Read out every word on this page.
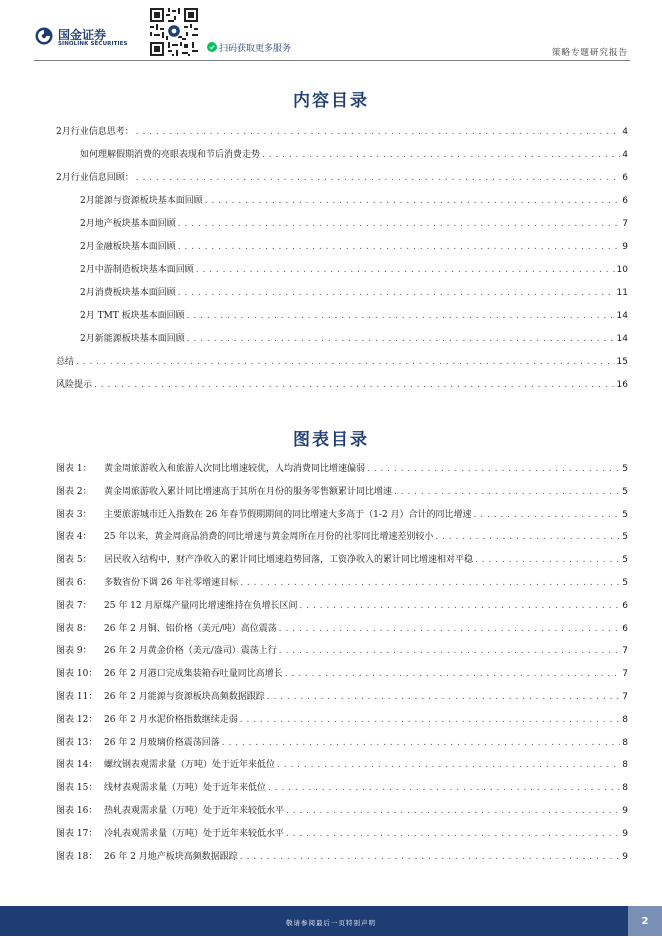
国金证券
SINOLINK SECURITIES	扫码获取更多服务	策略专题研究报告
内容目录
2月行业信息思考： . . .	4
如何理解假期消费的亮眼表现和节后消费走势 . . .	4
2月行业信息回顾： . . .	6
2月能源与资源板块基本面回顾 . . .	6
2月地产板块基本面回顾 . . .	7
2月金融板块基本面回顾 . . .	9
2月中游制造板块基本面回顾 . . .	10
2月消费板块基本面回顾 . . .	11
2月 TMT 板块基本面回顾 . . .	14
2月新能源板块基本面回顾 . . .	14
总结 . . .	15
风险提示 . . .	16
图表目录
图表 1：	黄金周旅游收入和旅游人次同比增速较优，人均消费同比增速偏弱 . . .	5
图表 2：	黄金周旅游收入累计同比增速高于其所在月份的服务零售额累计同比增速 . . .	5
图表 3：	主要旅游城市迁入指数在 26 年春节假期期间的同比增速大多高于（1-2 月）合计的同比增速 . . .	5
图表 4：	25 年以来，黄金周商品消费的同比增速与黄金周所在月份的社零同比增速差别较小 . . .	5
图表 5：	居民收入结构中，财产净收入的累计同比增速趋势回落，工资净收入的累计同比增速相对平稳 . . .	5
图表 6：	多数省份下调 26 年社零增速目标 . . .	5
图表 7：	25 年 12 月原煤产量同比增速维持在负增长区间 . . .	6
图表 8：	26 年 2 月铜、铝价格（美元/吨）高位震荡 . . .	6
图表 9：	26 年 2 月黄金价格（美元/盎司）震荡上行 . . .	7
图表 10： 26 年 2 月港口完成集装箱吞吐量同比高增长 . . .	7
图表 11： 26 年 2 月能源与资源板块高频数据跟踪 . . .	7
图表 12： 26 年 2 月水泥价格指数继续走弱 . . .	8
图表 13： 26 年 2 月玻璃价格震荡回落 . . .	8
图表 14： 螺纹钢表观需求量（万吨）处于近年来低位 . . .	8
图表 15： 线材表观需求量（万吨）处于近年来低位 . . .	8
图表 16： 热轧表观需求量（万吨）处于近年来较低水平 . . .	9
图表 17： 冷轧表观需求量（万吨）处于近年来较低水平 . . .	9
图表 18： 26 年 2 月地产板块高频数据跟踪 . . .	9
敬请参阅最后一页特别声明	2
